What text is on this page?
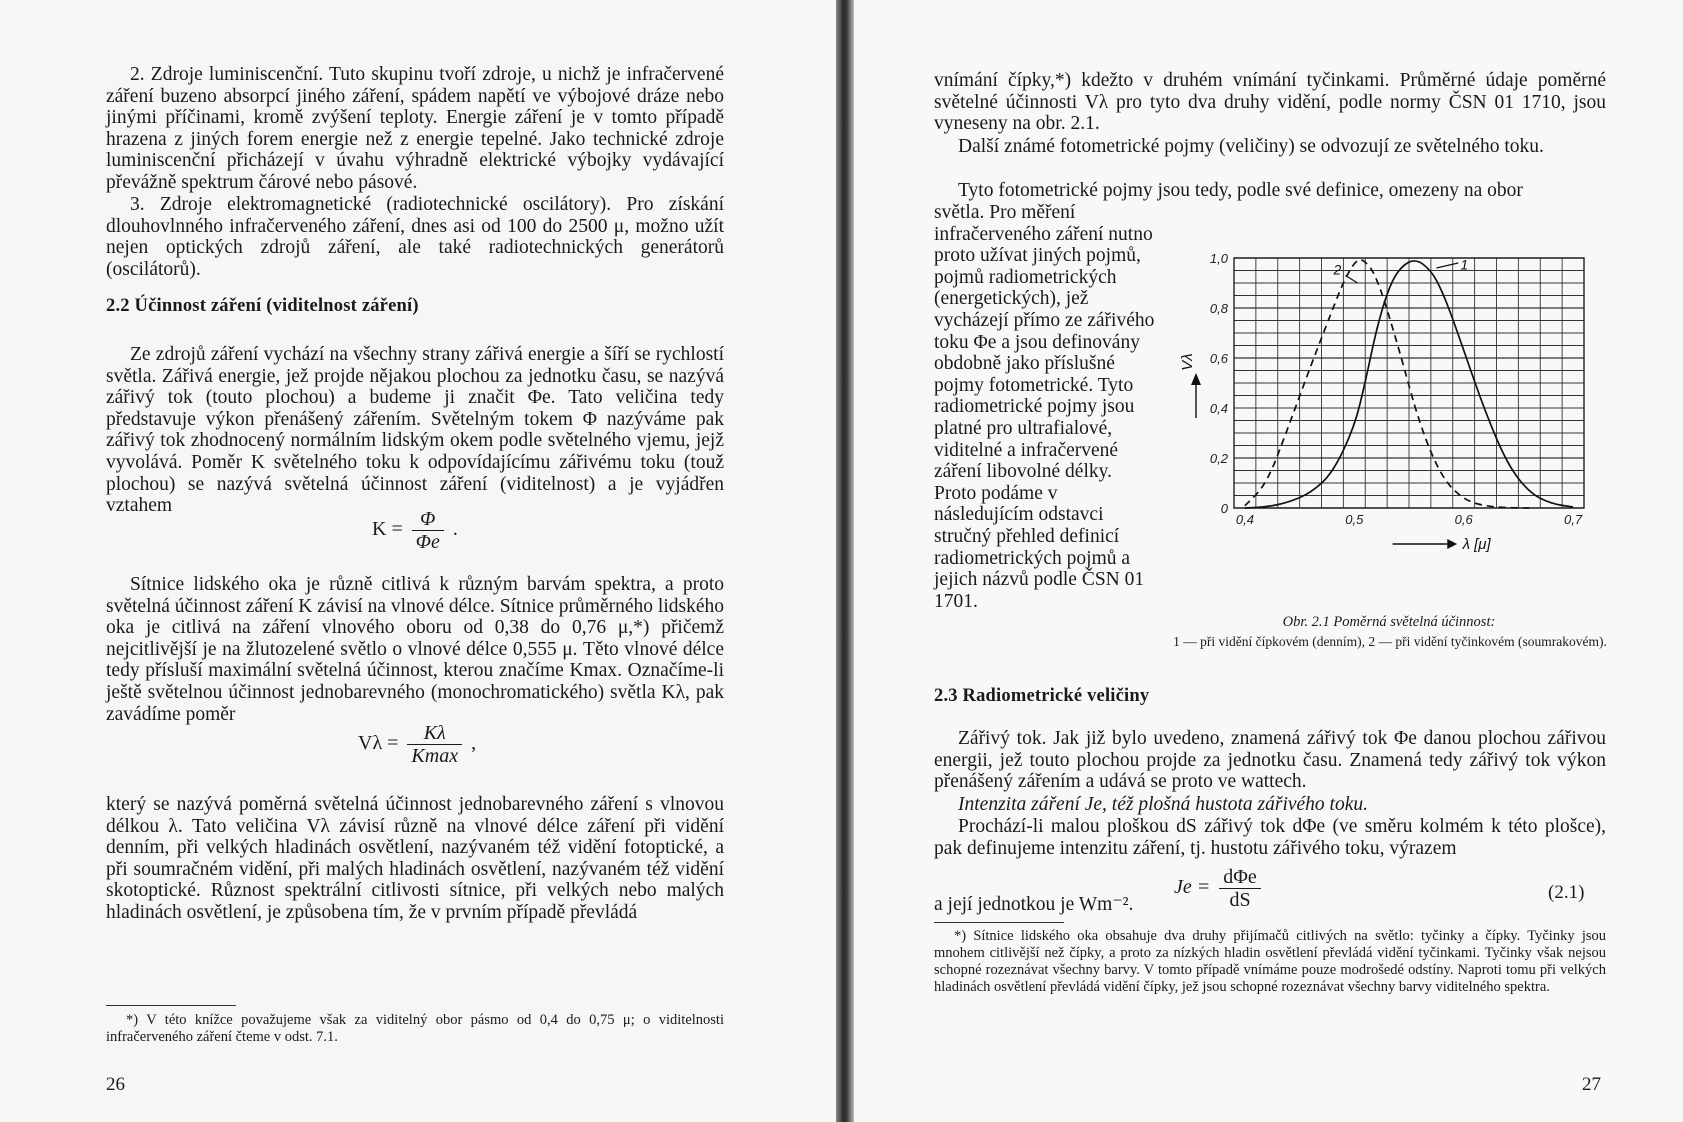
2. Zdroje luminiscenční. Tuto skupinu tvoří zdroje, u nichž je infračervené záření buzeno absorpcí jiného záření, spádem napětí ve výbojové dráze nebo jinými příčinami, kromě zvýšení teploty. Energie záření je v tomto případě hrazena z jiných forem energie než z energie tepelné. Jako technické zdroje luminiscenční přicházejí v úvahu výhradně elektrické výbojky vydávající převážně spektrum čárové nebo pásové.

3. Zdroje elektromagnetické (radiotechnické oscilátory). Pro získání dlouhovlnného infračerveného záření, dnes asi od 100 do 2500 μ, možno užít nejen optických zdrojů záření, ale také radiotechnických generátorů (oscilátorů).

2.2 Účinnost záření (viditelnost záření)

Ze zdrojů záření vychází na všechny strany zářivá energie a šíří se rychlostí světla. Zářivá energie, jež projde nějakou plochou za jednotku času, se nazývá zářivý tok (touto plochou) a budeme ji značit Φe. Tato veličina tedy představuje výkon přenášený zářením. Světelným tokem Φ nazýváme pak zářivý tok zhodnocený normálním lidským okem podle světelného vjemu, jejž vyvolává. Poměr K světelného toku k odpovídajícímu zářivému toku (touž plochou) se nazývá světelná účinnost záření (viditelnost) a je vyjádřen vztahem

$K = \frac{\Phi}{\Phi e}$ .

Sítnice lidského oka je různě citlivá k různým barvám spektra, a proto světelná účinnost záření K závisí na vlnové délce. Sítnice průměrného lidského oka je citlivá na záření vlnového oboru od 0,38 do 0,76 μ,*) přičemž nejcitlivější je na žlutozelené světlo o vlnové délce 0,555 μ. Těto vlnové délce tedy přísluší maximální světelná účinnost, kterou značíme Kmax. Označíme-li ještě světelnou účinnost jednobarevného (monochromatického) světla Kλ, pak zavádíme poměr

$V\lambda = \frac{K\lambda}{Kmax}$ ,

který se nazývá poměrná světelná účinnost jednobarevného záření s vlnovou délkou λ. Tato veličina Vλ závisí různě na vlnové délce záření při vidění denním, při velkých hladinách osvětlení, nazývaném též vidění fotoptické, a při soumračném vidění, při malých hladinách osvětlení, nazývaném též vidění skotoptické. Různost spektrální citlivosti sítnice, při velkých nebo malých hladinách osvětlení, je způsobena tím, že v prvním případě převládá

*) V této knížce považujeme však za viditelný obor pásmo od 0,4 do 0,75 μ; o viditelnosti infračerveného záření čteme v odst. 7.1.

26

vnímání čípky,*) kdežto v druhém vnímání tyčinkami. Průměrné údaje poměrné světelné účinnosti Vλ pro tyto dva druhy vidění, podle normy ČSN 01 1710, jsou vyneseny na obr. 2.1.

Další známé fotometrické pojmy (veličiny) se odvozují ze světelného toku.

Tyto fotometrické pojmy jsou tedy, podle své definice, omezeny na obor

světla. Pro měření infračerveného záření nutno proto užívat jiných pojmů, pojmů radiometrických (energetických), jež vycházejí přímo ze zářivého toku Φe a jsou definovány obdobně jako příslušné pojmy fotometrické. Tyto radiometrické pojmy jsou platné pro ultrafialové, viditelné a infračervené záření libovolné délky. Proto podáme v následujícím odstavci stručný přehled definicí radiometrických pojmů a jejich názvů podle ČSN 01 1701.

0
0,2
0,4
0,6
0,8
1,0
0,4	0,5	0,6	0,7
1
2
Vλ
λ [μ]

Obr. 2.1 Poměrná světelná účinnost:

1 — při vidění čípkovém (denním), 2 — při vidění tyčinkovém (soumrakovém).

2.3 Radiometrické veličiny

Zářivý tok. Jak již bylo uvedeno, znamená zářivý tok Φe danou plochou zářivou energii, jež touto plochou projde za jednotku času. Znamená tedy zářivý tok výkon přenášený zářením a udává se proto ve wattech.

Intenzita záření Je, též plošná hustota zářivého toku.

Prochází-li malou ploškou dS zářivý tok dΦe (ve směru kolmém k této plošce), pak definujeme intenzitu záření, tj. hustotu zářivého toku, výrazem

$Je = \frac{\text{dΦe}}{dS}$	(2.1)

a její jednotkou je Wm⁻².

*) Sítnice lidského oka obsahuje dva druhy přijímačů citlivých na světlo: tyčinky a čípky. Tyčinky jsou mnohem citlivější než čípky, a proto za nízkých hladin osvětlení převládá vidění tyčinkami. Tyčinky však nejsou schopné rozeznávat všechny barvy. V tomto případě vnímáme pouze modrošedé odstíny. Naproti tomu při velkých hladinách osvětlení převládá vidění čípky, jež jsou schopné rozeznávat všechny barvy viditelného spektra.

27
